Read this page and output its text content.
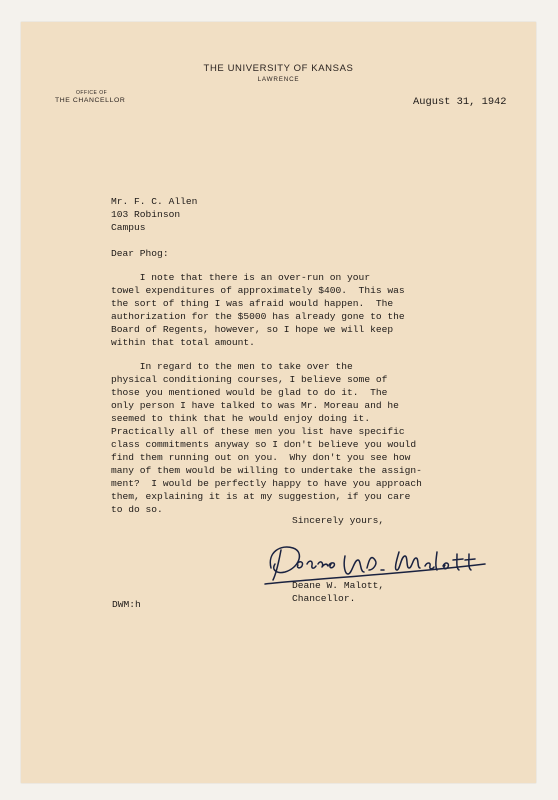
THE UNIVERSITY OF KANSAS
LAWRENCE
OFFICE OF
THE CHANCELLOR	August 31, 1942
Mr. F. C. Allen
103 Robinson
Campus
Dear Phog:
I note that there is an over-run on your
towel expenditures of approximately $400.  This was
the sort of thing I was afraid would happen.  The
authorization for the $5000 has already gone to the
Board of Regents, however, so I hope we will keep
within that total amount.
In regard to the men to take over the
physical conditioning courses, I believe some of
those you mentioned would be glad to do it.  The
only person I have talked to was Mr. Moreau and he
seemed to think that he would enjoy doing it.
Practically all of these men you list have specific
class commitments anyway so I don't believe you would
find them running out on you.  Why don't you see how
many of them would be willing to undertake the assign-
ment?  I would be perfectly happy to have you approach
them, explaining it is at my suggestion, if you care
to do so.
Sincerely yours,
Deane W. Malott,
Chancellor.
DWM:h
